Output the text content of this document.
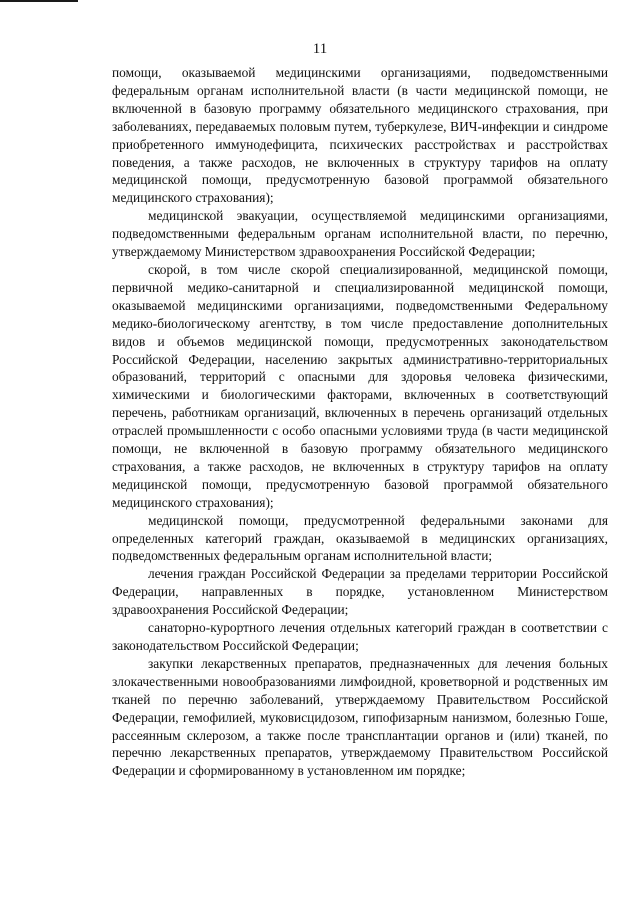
11

помощи, оказываемой медицинскими организациями, подведомственными федеральным органам исполнительной власти (в части медицинской помощи, не включенной в базовую программу обязательного медицинского страхования, при заболеваниях, передаваемых половым путем, туберкулезе, ВИЧ-инфекции и синдроме приобретенного иммунодефицита, психических расстройствах и расстройствах поведения, а также расходов, не включенных в структуру тарифов на оплату медицинской помощи, предусмотренную базовой программой обязательного медицинского страхования);

медицинской эвакуации, осуществляемой медицинскими организациями, подведомственными федеральным органам исполнительной власти, по перечню, утверждаемому Министерством здравоохранения Российской Федерации;

скорой, в том числе скорой специализированной, медицинской помощи, первичной медико-санитарной и специализированной медицинской помощи, оказываемой медицинскими организациями, подведомственными Федеральному медико-биологическому агентству, в том числе предоставление дополнительных видов и объемов медицинской помощи, предусмотренных законодательством Российской Федерации, населению закрытых административно-территориальных образований, территорий с опасными для здоровья человека физическими, химическими и биологическими факторами, включенных в соответствующий перечень, работникам организаций, включенных в перечень организаций отдельных отраслей промышленности с особо опасными условиями труда (в части медицинской помощи, не включенной в базовую программу обязательного медицинского страхования, а также расходов, не включенных в структуру тарифов на оплату медицинской помощи, предусмотренную базовой программой обязательного медицинского страхования);

медицинской помощи, предусмотренной федеральными законами для определенных категорий граждан, оказываемой в медицинских организациях, подведомственных федеральным органам исполнительной власти;

лечения граждан Российской Федерации за пределами территории Российской Федерации, направленных в порядке, установленном Министерством здравоохранения Российской Федерации;

санаторно-курортного лечения отдельных категорий граждан в соответствии с законодательством Российской Федерации;

закупки лекарственных препаратов, предназначенных для лечения больных злокачественными новообразованиями лимфоидной, кроветворной и родственных им тканей по перечню заболеваний, утверждаемому Правительством Российской Федерации, гемофилией, муковисцидозом, гипофизарным нанизмом, болезнью Гоше, рассеянным склерозом, а также после трансплантации органов и (или) тканей, по перечню лекарственных препаратов, утверждаемому Правительством Российской Федерации и сформированному в установленном им порядке;
